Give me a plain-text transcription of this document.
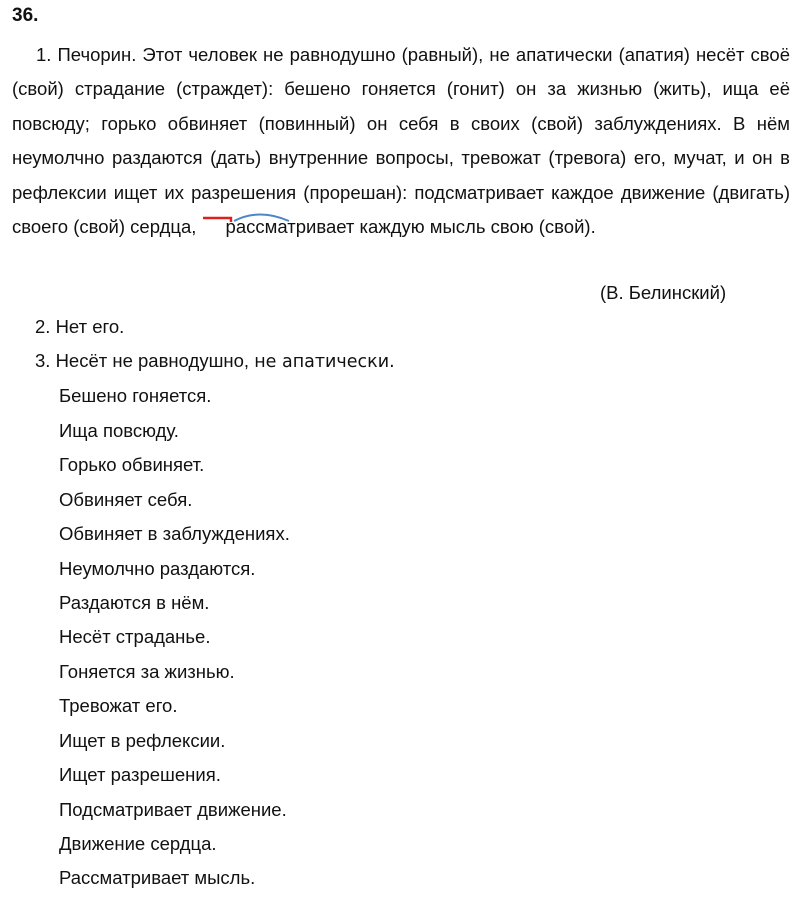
36.

1. Печорин. Этот человек не равнодушно (равный), не апатически (апатия) несёт своё (свой) страдание (страждет): бешено гоняется (гонит) он за жизнью (жить), ища её повсюду; горько обвиняет (повинный) он себя в своих (свой) заблуждениях. В нём неумолчно раздаются (дать) внутренние вопросы, тревожат (тревога) его, мучат, и он в рефлексии ищет их разрешения (прорешан): подсматривает каждое движение (двигать) своего (свой) сердца,
рассматривает каждую мысль свою (свой).

(В. Белинский)
2. Нет его.
3. Несёт не равнодушно, не апатически.
Бешено гоняется.
Ища повсюду.
Горько обвиняет.
Обвиняет себя.
Обвиняет в заблуждениях.
Неумолчно раздаются.
Раздаются в нём.
Несёт страданье.
Гоняется за жизнью.
Тревожат его.
Ищет в рефлексии.
Ищет разрешения.
Подсматривает движение.
Движение сердца.
Рассматривает мысль.
